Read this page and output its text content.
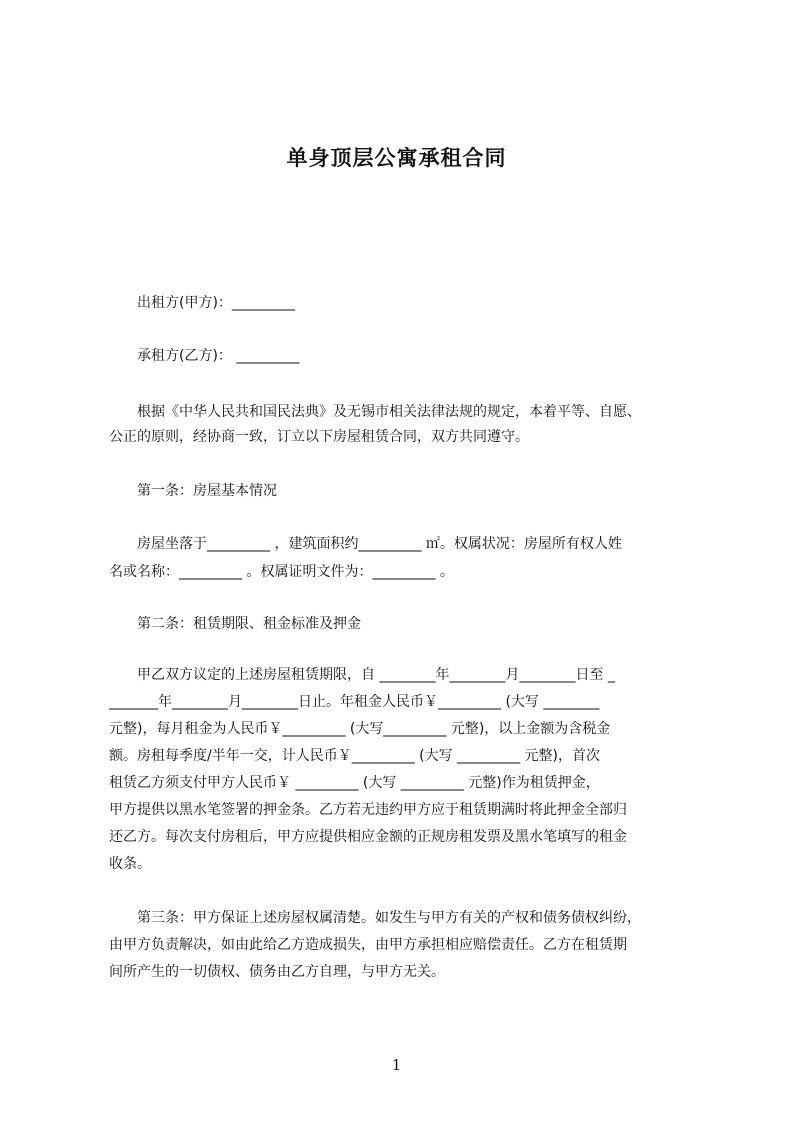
单身顶层公寓承租合同
出租方(甲方)：_________
承租方(乙方)： _________
根据《中华人民共和国民法典》及无锡市相关法律法规的规定，本着平等、自愿、
公正的原则，经协商一致，订立以下房屋租赁合同，双方共同遵守。
第一条：房屋基本情况
房屋坐落于_________ ，建筑面积约_________ ㎡。权属状况：房屋所有权人姓
名或名称：_________ 。权属证明文件为：_________ 。
第二条：租赁期限、租金标准及押金
甲乙双方议定的上述房屋租赁期限，自 ________年________月________日至 _
_______年________月________日止。年租金人民币￥_________ (大写 ________
元整)，每月租金为人民币￥_________ (大写_________ 元整)，以上金额为含税金
额。房租每季度/半年一交，计人民币￥_________ (大写 _________ 元整)，首次
租赁乙方须支付甲方人民币￥ _________ (大写 _________ 元整)作为租赁押金，
甲方提供以黑水笔签署的押金条。乙方若无违约甲方应于租赁期满时将此押金全部归
还乙方。每次支付房租后，甲方应提供相应金额的正规房租发票及黑水笔填写的租金
收条。
第三条：甲方保证上述房屋权属清楚。如发生与甲方有关的产权和债务债权纠纷，
由甲方负责解决，如由此给乙方造成损失，由甲方承担相应赔偿责任。乙方在租赁期
间所产生的一切债权、债务由乙方自理，与甲方无关。
1
